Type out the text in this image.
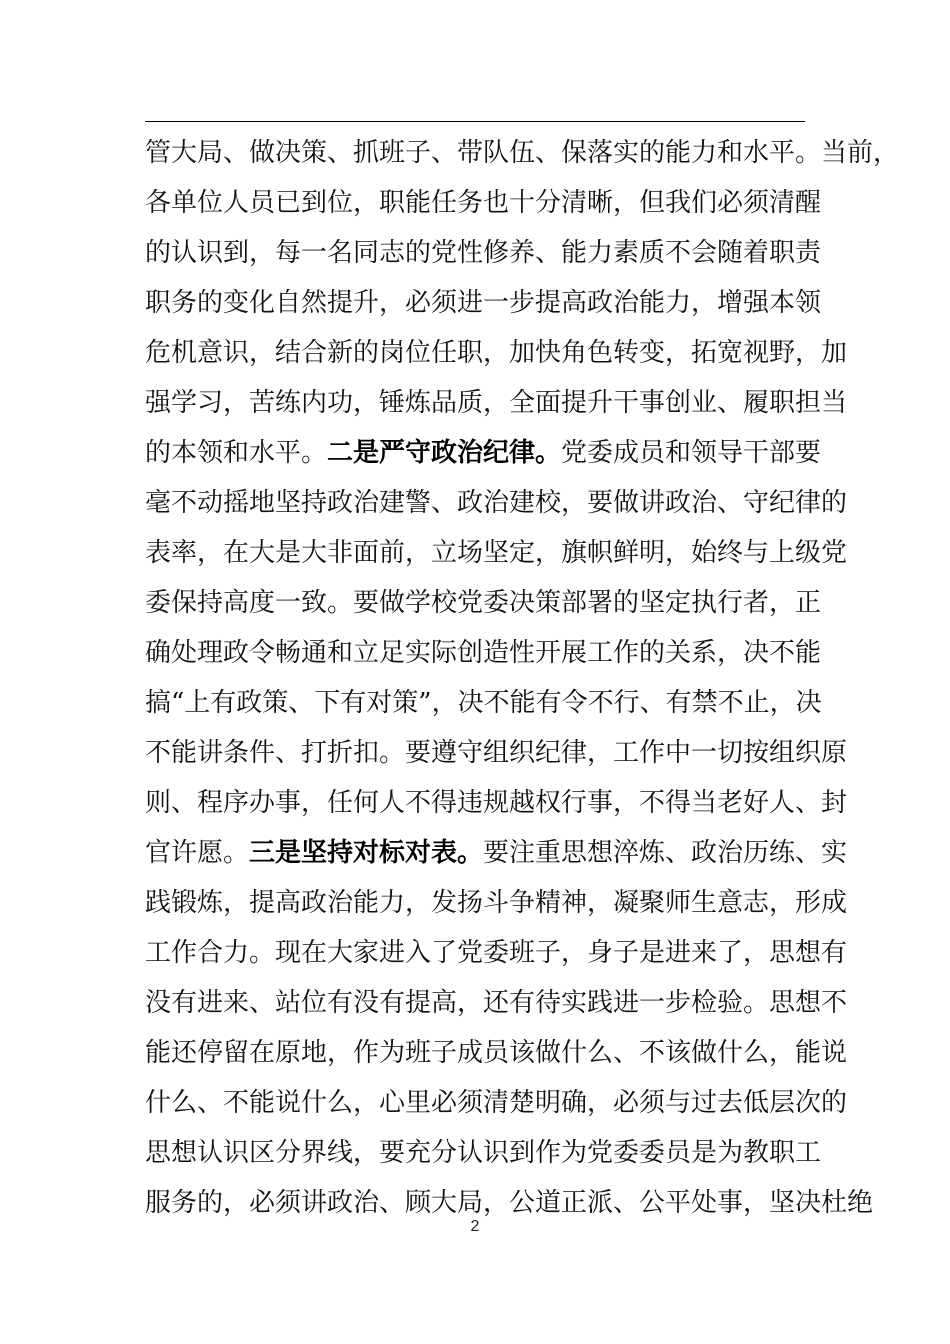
管大局、做决策、抓班子、带队伍、保落实的能力和水平。当前，
各单位人员已到位，职能任务也十分清晰，但我们必须清醒
的认识到，每一名同志的党性修养、能力素质不会随着职责
职务的变化自然提升，必须进一步提高政治能力，增强本领
危机意识，结合新的岗位任职，加快角色转变，拓宽视野，加
强学习，苦练内功，锤炼品质，全面提升干事创业、履职担当
的本领和水平。二是严守政治纪律。党委成员和领导干部要
毫不动摇地坚持政治建警、政治建校，要做讲政治、守纪律的
表率，在大是大非面前，立场坚定，旗帜鲜明，始终与上级党
委保持高度一致。要做学校党委决策部署的坚定执行者，正
确处理政令畅通和立足实际创造性开展工作的关系，决不能
搞“上有政策、下有对策”，决不能有令不行、有禁不止，决
不能讲条件、打折扣。要遵守组织纪律，工作中一切按组织原
则、程序办事，任何人不得违规越权行事，不得当老好人、封
官许愿。三是坚持对标对表。要注重思想淬炼、政治历练、实
践锻炼，提高政治能力，发扬斗争精神，凝聚师生意志，形成
工作合力。现在大家进入了党委班子，身子是进来了，思想有
没有进来、站位有没有提高，还有待实践进一步检验。思想不
能还停留在原地，作为班子成员该做什么、不该做什么，能说
什么、不能说什么，心里必须清楚明确，必须与过去低层次的
思想认识区分界线，要充分认识到作为党委委员是为教职工
服务的，必须讲政治、顾大局，公道正派、公平处事，坚决杜绝
2
